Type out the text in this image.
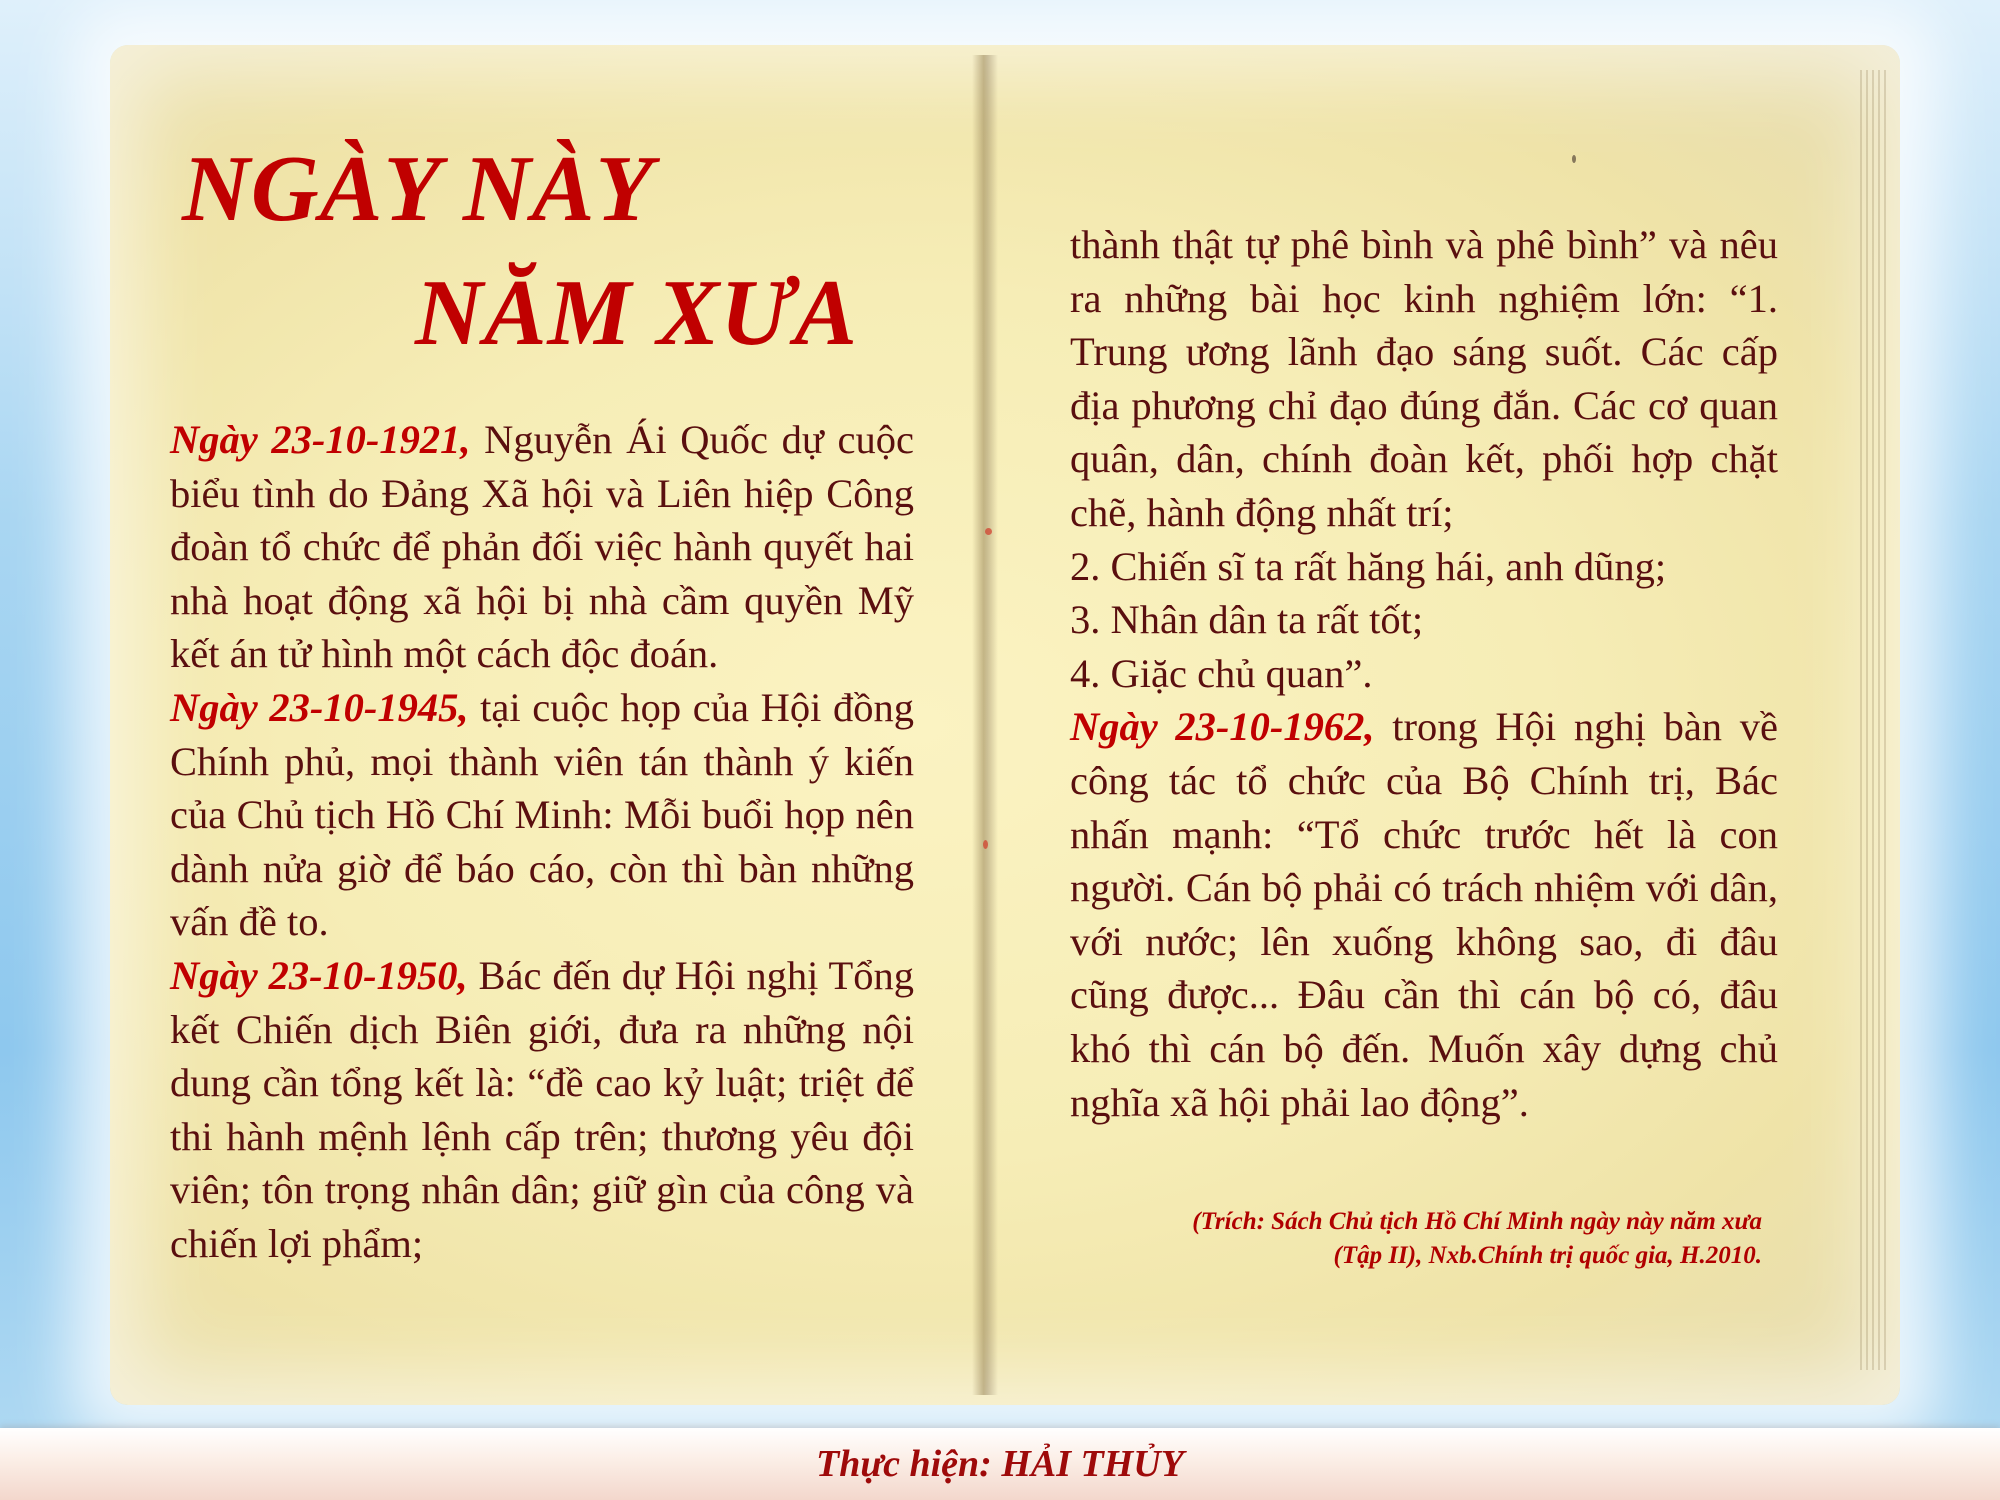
NGÀY NÀY
NĂM XƯA

Ngày 23-10-1921, Nguyễn Ái Quốc dự cuộc biểu tình do Đảng Xã hội và Liên hiệp Công đoàn tổ chức để phản đối việc hành quyết hai nhà hoạt động xã hội bị nhà cầm quyền Mỹ kết án tử hình một cách độc đoán.

Ngày 23-10-1945, tại cuộc họp của Hội đồng Chính phủ, mọi thành viên tán thành ý kiến của Chủ tịch Hồ Chí Minh: Mỗi buổi họp nên dành nửa giờ để báo cáo, còn thì bàn những vấn đề to.

Ngày 23-10-1950, Bác đến dự Hội nghị Tổng kết Chiến dịch Biên giới, đưa ra những nội dung cần tổng kết là: “đề cao kỷ luật; triệt để thi hành mệnh lệnh cấp trên; thương yêu đội viên; tôn trọng nhân dân; giữ gìn của công và chiến lợi phẩm;

thành thật tự phê bình và phê bình” và nêu ra những bài học kinh nghiệm lớn: “1. Trung ương lãnh đạo sáng suốt. Các cấp địa phương chỉ đạo đúng đắn. Các cơ quan quân, dân, chính đoàn kết, phối hợp chặt chẽ, hành động nhất trí;

2. Chiến sĩ ta rất hăng hái, anh dũng;

3. Nhân dân ta rất tốt;

4. Giặc chủ quan”.

Ngày 23-10-1962, trong Hội nghị bàn về công tác tổ chức của Bộ Chính trị, Bác nhấn mạnh: “Tổ chức trước hết là con người. Cán bộ phải có trách nhiệm với dân, với nước; lên xuống không sao, đi đâu cũng được... Đâu cần thì cán bộ có, đâu khó thì cán bộ đến. Muốn xây dựng chủ nghĩa xã hội phải lao động”.

(Trích: Sách Chủ tịch Hồ Chí Minh ngày này năm xưa
(Tập II), Nxb.Chính trị quốc gia, H.2010.
Thực hiện: HẢI THỦY
